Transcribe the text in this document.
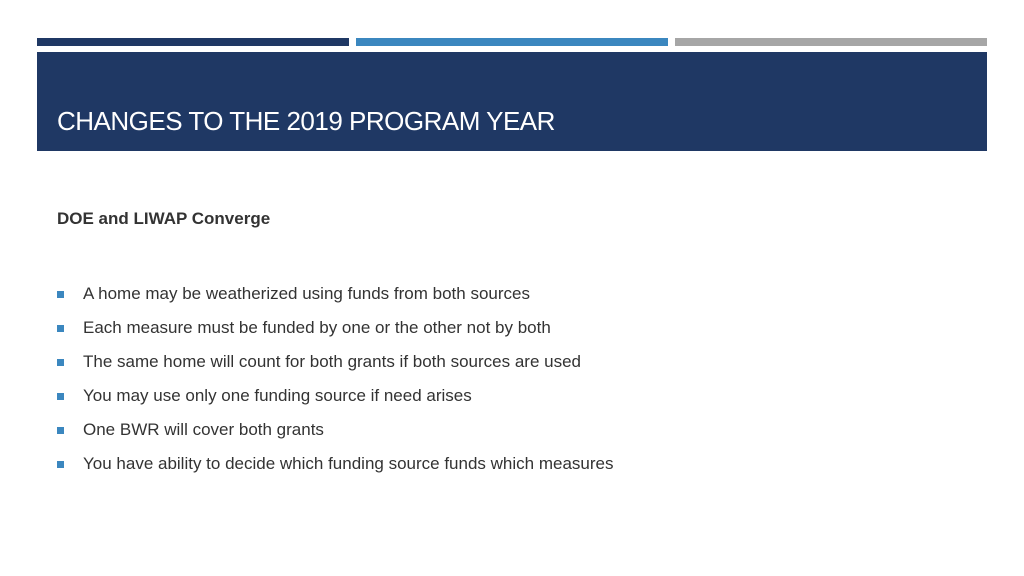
CHANGES TO THE 2019 PROGRAM YEAR
DOE and LIWAP Converge
A home may be weatherized using funds from both sources
Each measure must be funded by one or the other not by both
The same home will count for both grants if both sources are used
You may use only one funding source if need arises
One BWR will cover both grants
You have ability to decide which funding source funds which measures
